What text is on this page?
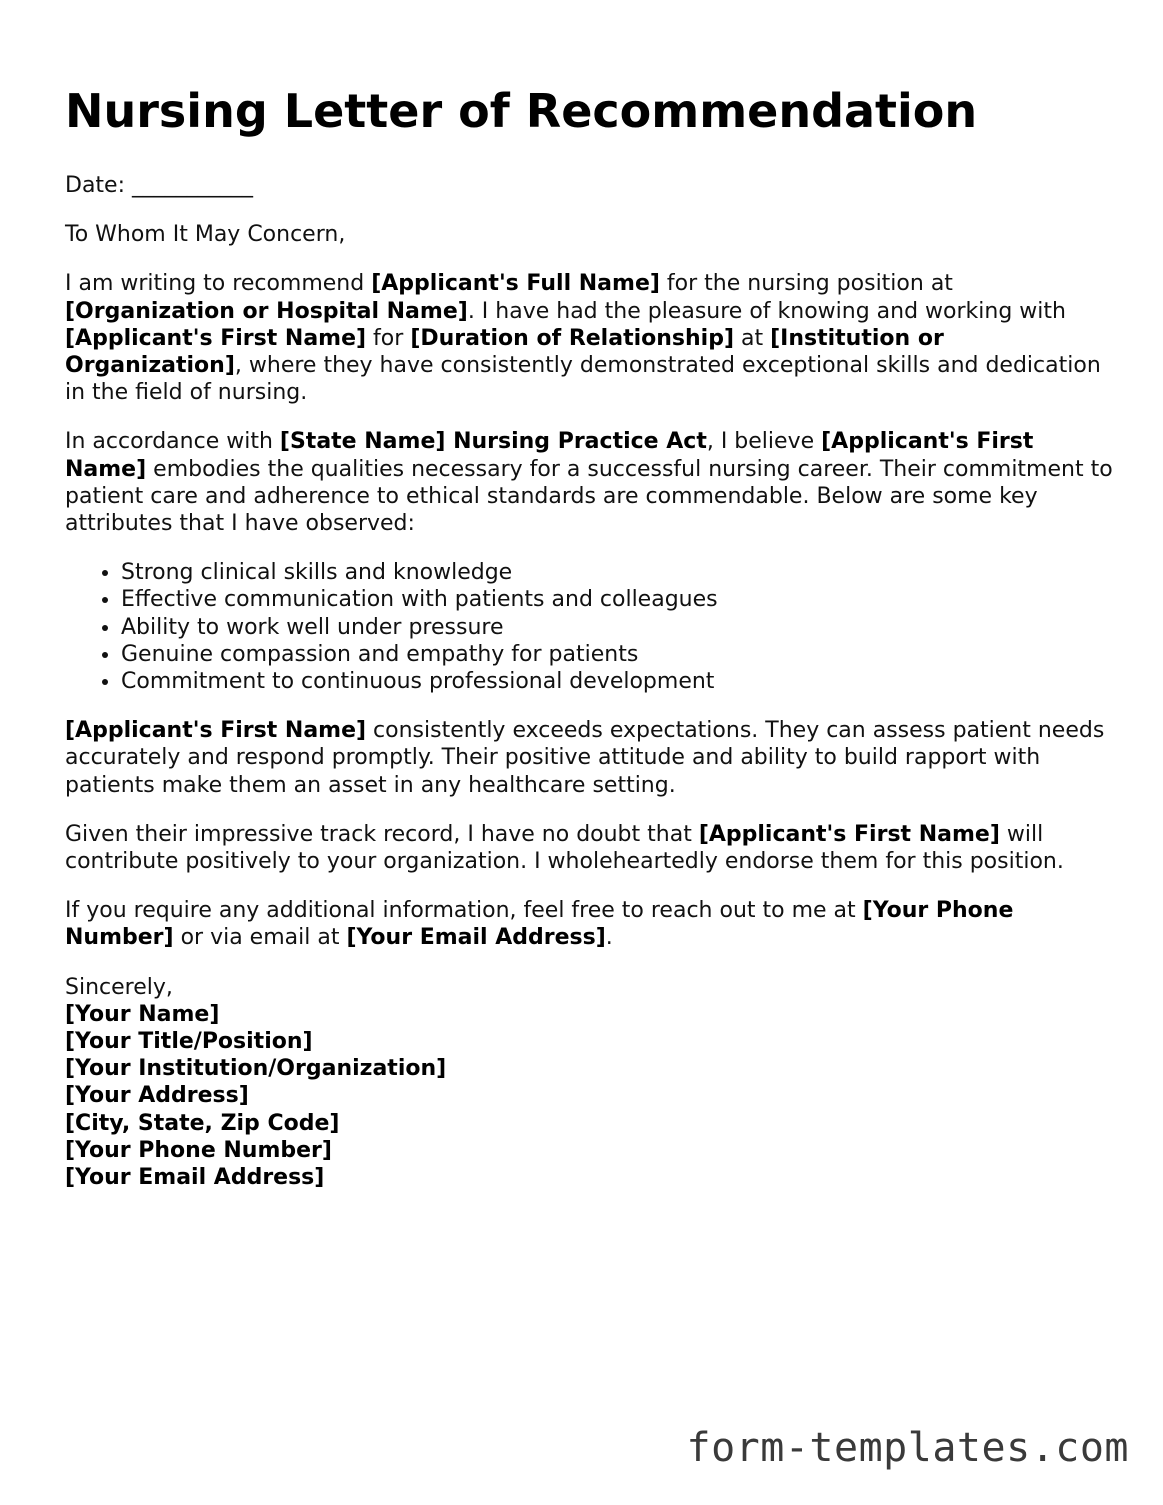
Nursing Letter of Recommendation

Date: ___________

To Whom It May Concern,

I am writing to recommend [Applicant's Full Name] for the nursing position at [Organization or Hospital Name]. I have had the pleasure of knowing and working with [Applicant's First Name] for [Duration of Relationship] at [Institution or Organization], where they have consistently demonstrated exceptional skills and dedication in the field of nursing.

In accordance with [State Name] Nursing Practice Act, I believe [Applicant's First Name] embodies the qualities necessary for a successful nursing career. Their commitment to patient care and adherence to ethical standards are commendable. Below are some key attributes that I have observed:

• Strong clinical skills and knowledge
• Effective communication with patients and colleagues
• Ability to work well under pressure
• Genuine compassion and empathy for patients
• Commitment to continuous professional development

[Applicant's First Name] consistently exceeds expectations. They can assess patient needs accurately and respond promptly. Their positive attitude and ability to build rapport with patients make them an asset in any healthcare setting.

Given their impressive track record, I have no doubt that [Applicant's First Name] will contribute positively to your organization. I wholeheartedly endorse them for this position.

If you require any additional information, feel free to reach out to me at [Your Phone Number] or via email at [Your Email Address].

Sincerely,
[Your Name]
[Your Title/Position]
[Your Institution/Organization]
[Your Address]
[City, State, Zip Code]
[Your Phone Number]
[Your Email Address]
form-templates.com
